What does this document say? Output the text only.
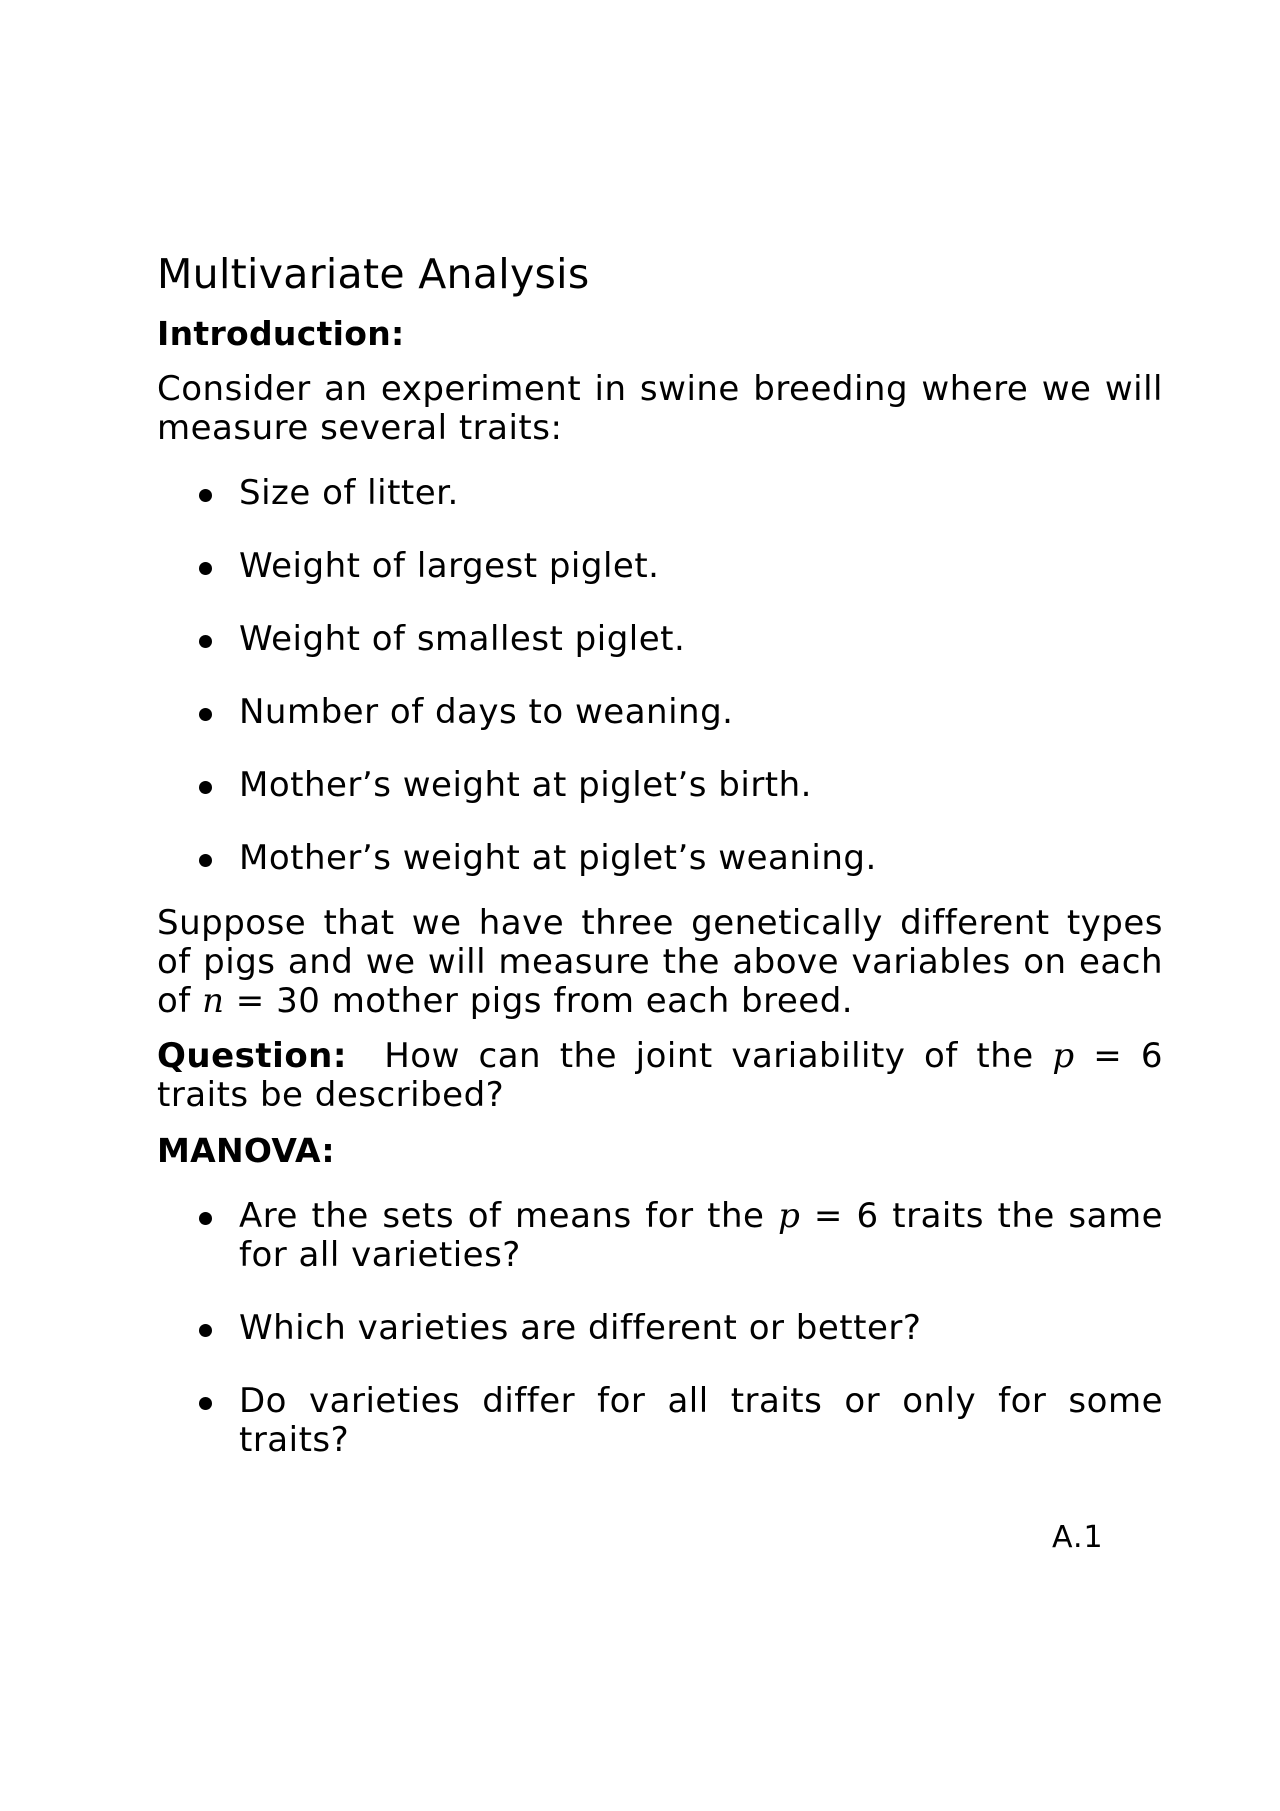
Multivariate Analysis
Introduction:

Consider an experiment in swine breeding where we will measure several traits:

Size of litter.
Weight of largest piglet.
Weight of smallest piglet.
Number of days to weaning.
Mother’s weight at piglet’s birth.
Mother’s weight at piglet’s weaning.

Suppose that we have three genetically different types of pigs and we will measure the above variables on each of n = 30 mother pigs from each breed.

Question: How can the joint variability of the p = 6 traits be described?

MANOVA:
Are the sets of means for the p = 6 traits the same for all varieties?
Which varieties are different or better?
Do varieties differ for all traits or only for some traits?
A.1
